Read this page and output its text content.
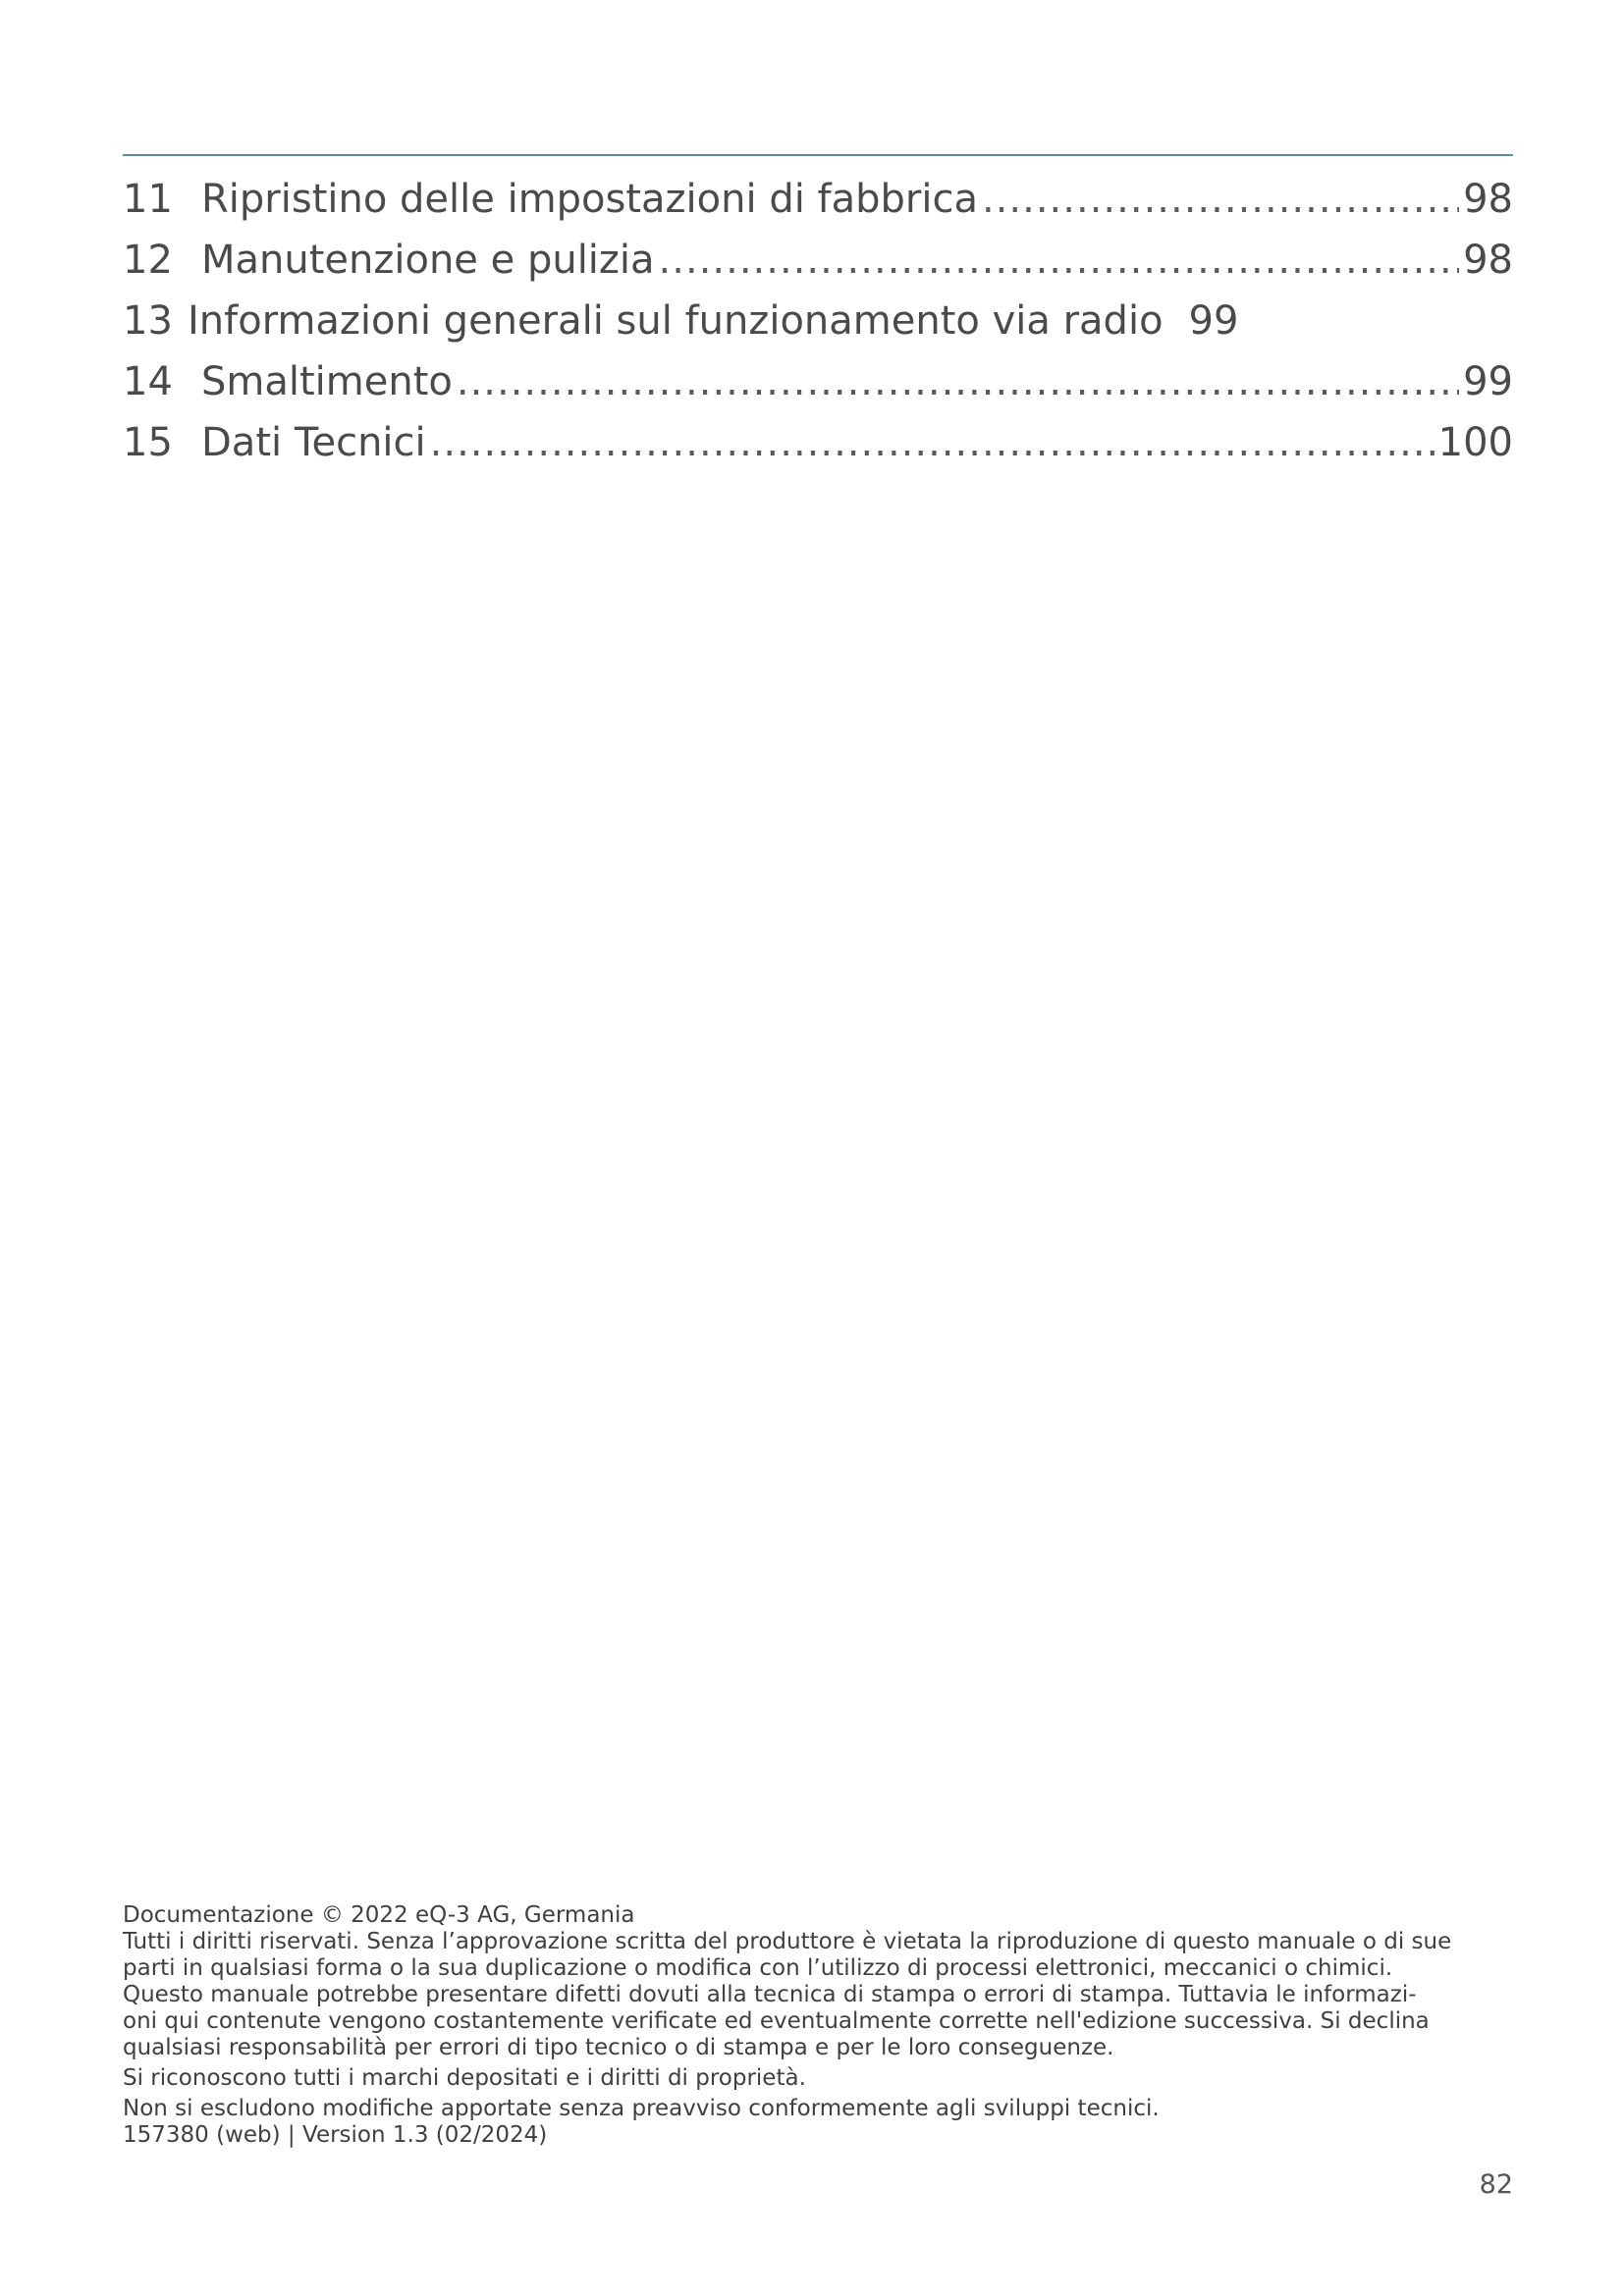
11 Ripristino delle impostazioni di fabbrica .....	98
12 Manutenzione e pulizia .....	98
13 Informazioni generali sul funzionamento via radio 99
14 Smaltimento .....	99
15 Dati Tecnici .....	100

Documentazione © 2022 eQ-3 AG, Germania

Tutti i diritti riservati. Senza l’approvazione scritta del produttore è vietata la riproduzione di questo manuale o di sue

parti in qualsiasi forma o la sua duplicazione o modifica con l’utilizzo di processi elettronici, meccanici o chimici.

Questo manuale potrebbe presentare difetti dovuti alla tecnica di stampa o errori di stampa. Tuttavia le informazi-

oni qui contenute vengono costantemente verificate ed eventualmente corrette nell'edizione successiva. Si declina

qualsiasi responsabilità per errori di tipo tecnico o di stampa e per le loro conseguenze.

Si riconoscono tutti i marchi depositati e i diritti di proprietà.

Non si escludono modifiche apportate senza preavviso conformemente agli sviluppi tecnici.

157380 (web) | Version 1.3 (02/2024)

82
